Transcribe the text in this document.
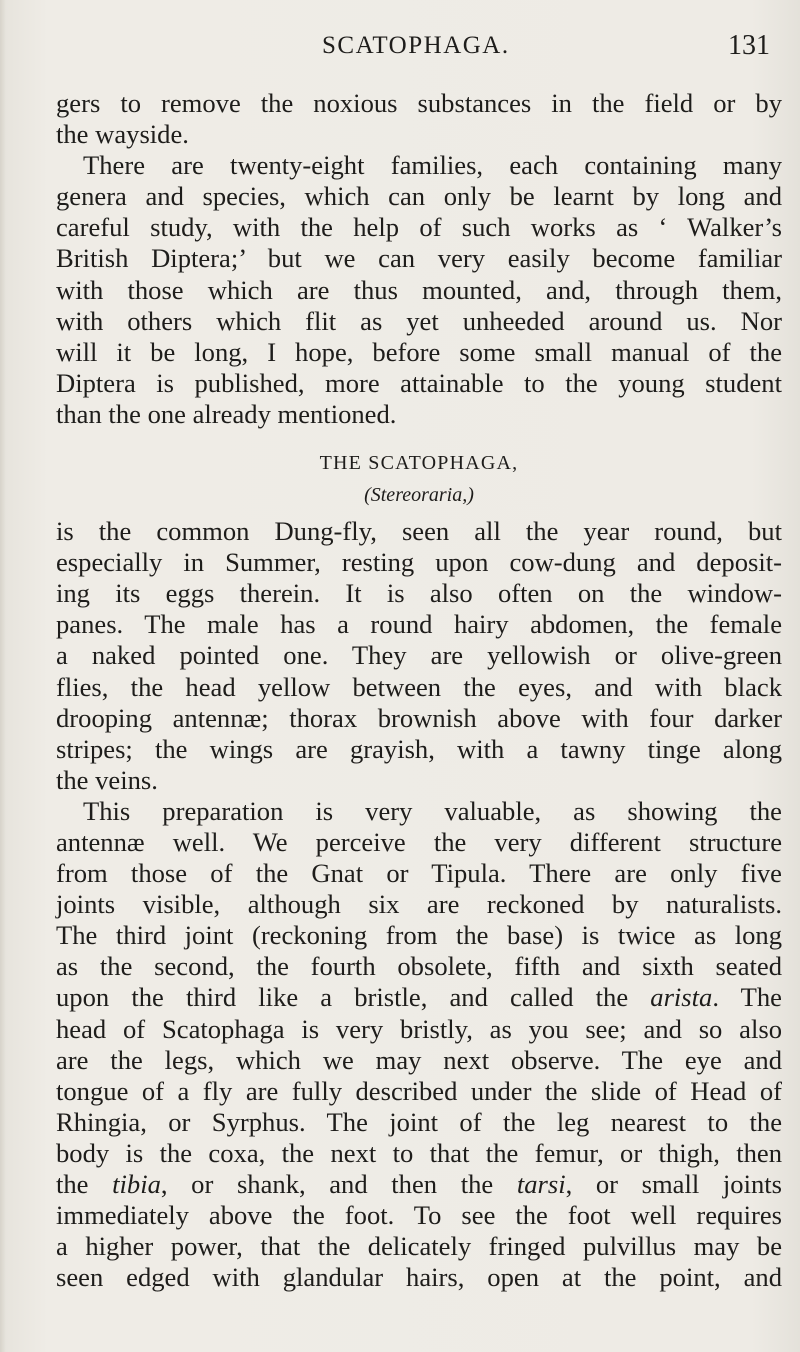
SCATOPHAGA.	131
gers to remove the noxious substances in the field or by
the wayside.
There are twenty-eight families, each containing many
genera and species, which can only be learnt by long and
careful study, with the help of such works as ‘ Walker’s
British Diptera;’ but we can very easily become familiar
with those which are thus mounted, and, through them,
with others which flit as yet unheeded around us. Nor
will it be long, I hope, before some small manual of the
Diptera is published, more attainable to the young student
than the one already mentioned.
THE SCATOPHAGA,
(Stereoraria,)
is the common Dung-fly, seen all the year round, but
especially in Summer, resting upon cow-dung and deposit-
ing its eggs therein. It is also often on the window-
panes. The male has a round hairy abdomen, the female
a naked pointed one. They are yellowish or olive-green
flies, the head yellow between the eyes, and with black
drooping antennæ; thorax brownish above with four darker
stripes; the wings are grayish, with a tawny tinge along
the veins.
This preparation is very valuable, as showing the
antennæ well. We perceive the very different structure
from those of the Gnat or Tipula. There are only five
joints visible, although six are reckoned by naturalists.
The third joint (reckoning from the base) is twice as long
as the second, the fourth obsolete, fifth and sixth seated
upon the third like a bristle, and called the arista. The
head of Scatophaga is very bristly, as you see; and so also
are the legs, which we may next observe. The eye and
tongue of a fly are fully described under the slide of Head of
Rhingia, or Syrphus. The joint of the leg nearest to the
body is the coxa, the next to that the femur, or thigh, then
the tibia, or shank, and then the tarsi, or small joints
immediately above the foot. To see the foot well requires
a higher power, that the delicately fringed pulvillus may be
seen edged with glandular hairs, open at the point, and
